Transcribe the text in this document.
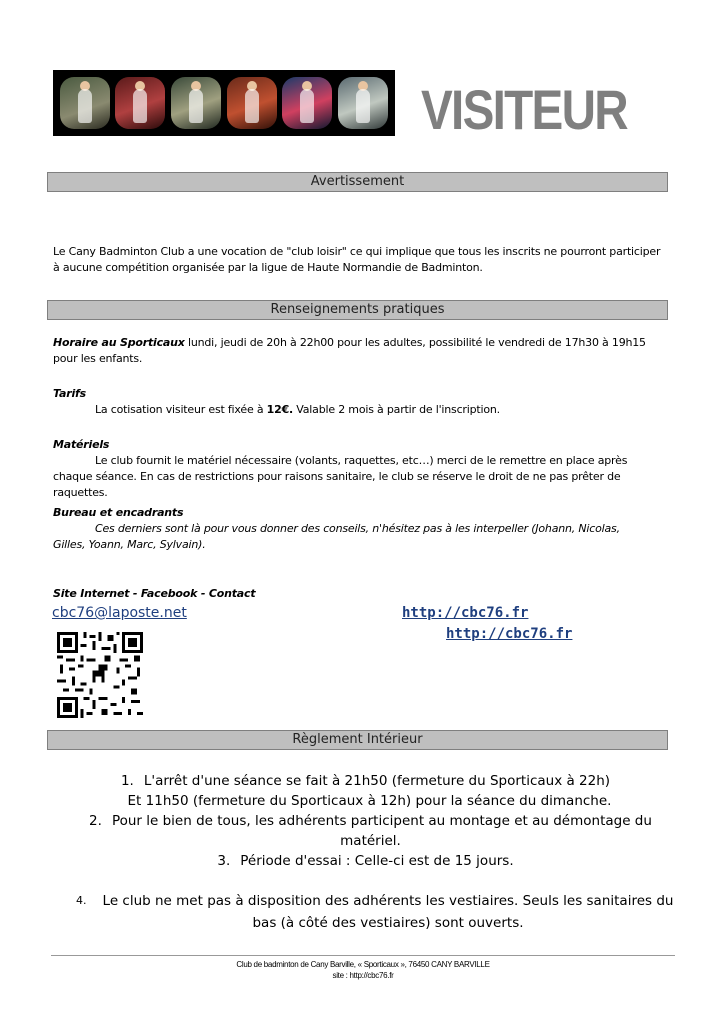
VISITEUR
Avertissement
Le Cany Badminton Club a une vocation de "club loisir" ce qui implique que tous les inscrits ne pourront participer à aucune compétition organisée par la ligue de Haute Normandie de Badminton.
Renseignements pratiques
Horaire au Sporticaux lundi, jeudi de 20h à 22h00 pour les adultes, possibilité le vendredi de 17h30 à 19h15 pour les enfants.
Tarifs
La cotisation visiteur est fixée à 12€. Valable 2 mois à partir de l'inscription.
Matériels
Le club fournit le matériel nécessaire (volants, raquettes, etc…) merci de le remettre en place après
chaque séance. En cas de restrictions pour raisons sanitaire, le club se réserve le droit de ne pas prêter de raquettes.
Bureau et encadrants
Ces derniers sont là pour vous donner des conseils, n'hésitez pas à les interpeller (Johann, Nicolas,
Gilles, Yoann, Marc, Sylvain).
Site Internet - Facebook - Contact
cbc76@laposte.net	http://cbc76.fr
http://cbc76.fr
Règlement Intérieur
1. L'arrêt d'une séance se fait à 21h50 (fermeture du Sporticaux à 22h)
Et 11h50 (fermeture du Sporticaux à 12h) pour la séance du dimanche.
2. Pour le bien de tous, les adhérents participent au montage et au démontage du matériel.
3. Période d'essai : Celle-ci est de 15 jours.
4.	Le club ne met pas à disposition des adhérents les vestiaires. Seuls les sanitaires du bas (à côté des vestiaires) sont ouverts.
Club de badminton de Cany Barville, « Sporticaux », 76450 CANY BARVILLE
site : http://cbc76.fr
